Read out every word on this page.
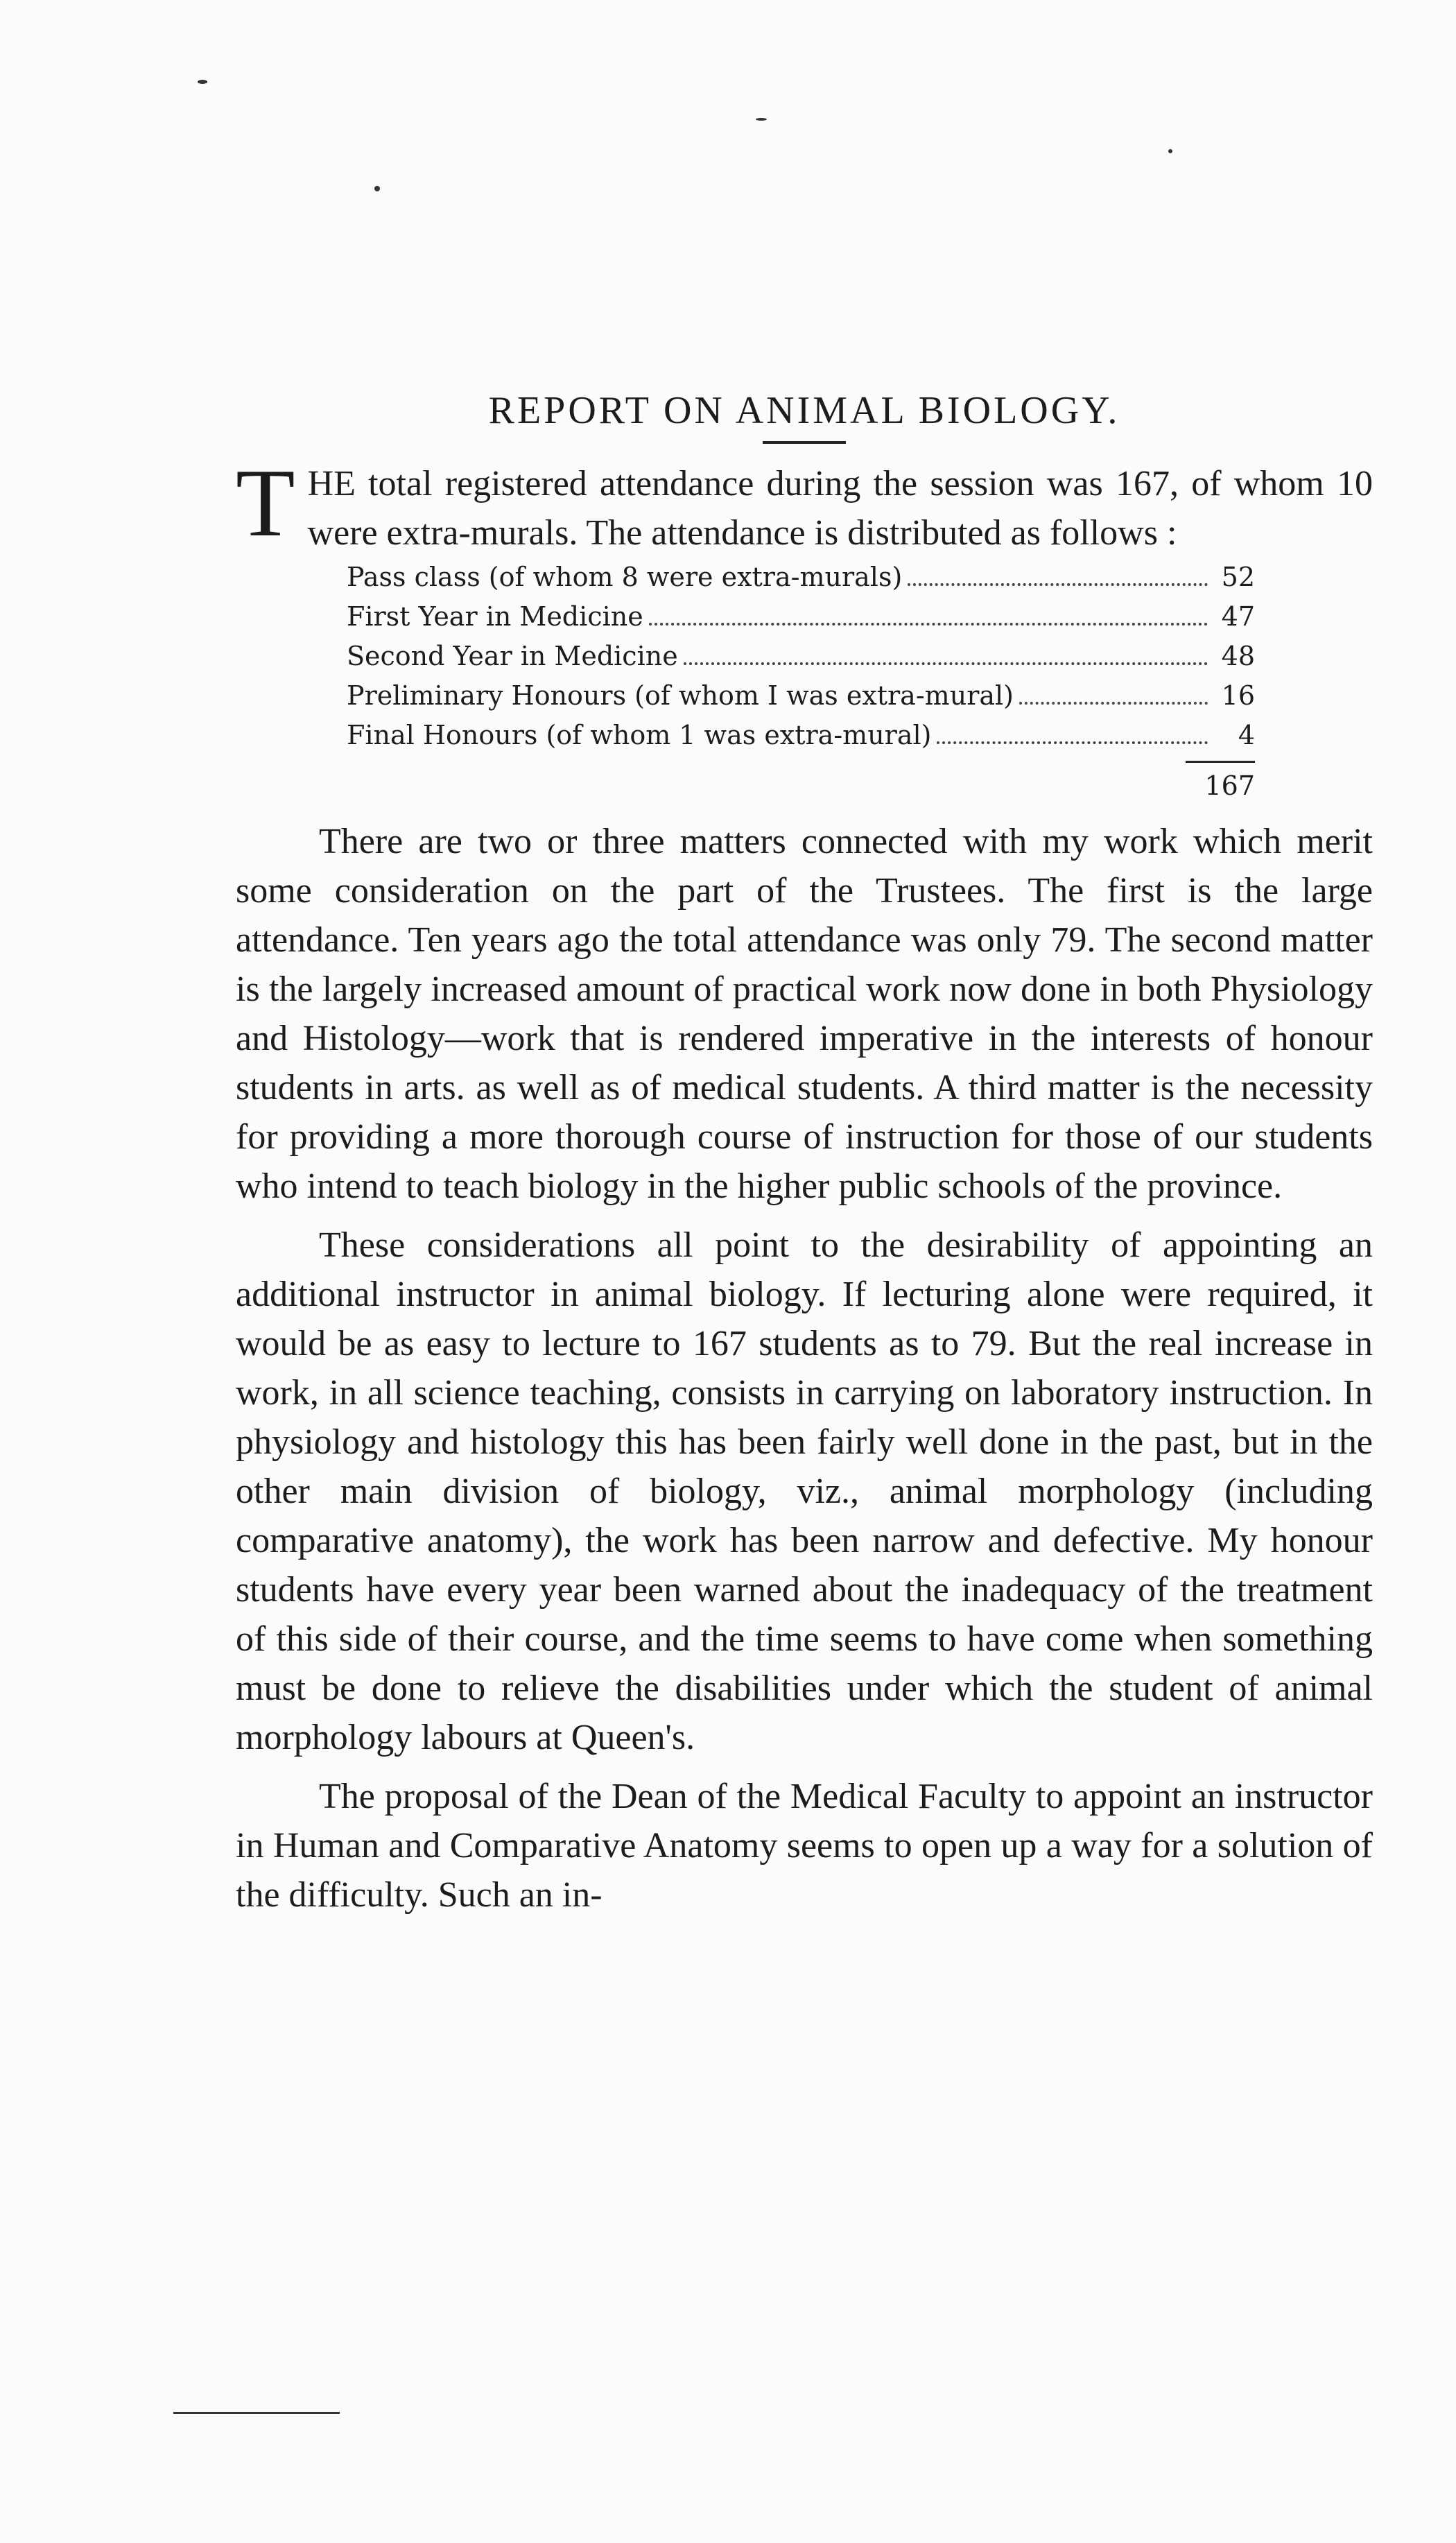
REPORT ON ANIMAL BIOLOGY.

THE total registered attendance during the session was 167, of whom 10 were extra-murals. The attendance is distributed as follows :

Pass class (of whom 8 were extra-murals)	52
First Year in Medicine	47
Second Year in Medicine	48
Preliminary Honours (of whom I was extra-mural)	16
Final Honours (of whom 1 was extra-mural)	4
167

There are two or three matters connected with my work which merit some consideration on the part of the Trustees. The first is the large attendance. Ten years ago the total attendance was only 79. The second matter is the largely increased amount of practical work now done in both Physiology and Histology—work that is rendered imperative in the interests of honour students in arts. as well as of medical students. A third matter is the necessity for providing a more thorough course of instruction for those of our students who intend to teach biology in the higher public schools of the province.

These considerations all point to the desirability of appointing an additional instructor in animal biology. If lecturing alone were required, it would be as easy to lecture to 167 students as to 79. But the real increase in work, in all science teaching, consists in carrying on laboratory instruction. In physiology and histology this has been fairly well done in the past, but in the other main division of biology, viz., animal morphology (including comparative anatomy), the work has been narrow and defective. My honour students have every year been warned about the inadequacy of the treatment of this side of their course, and the time seems to have come when something must be done to relieve the disabilities under which the student of animal morphology labours at Queen's.

The proposal of the Dean of the Medical Faculty to appoint an instructor in Human and Comparative Anatomy seems to open up a way for a solution of the difficulty. Such an in-
